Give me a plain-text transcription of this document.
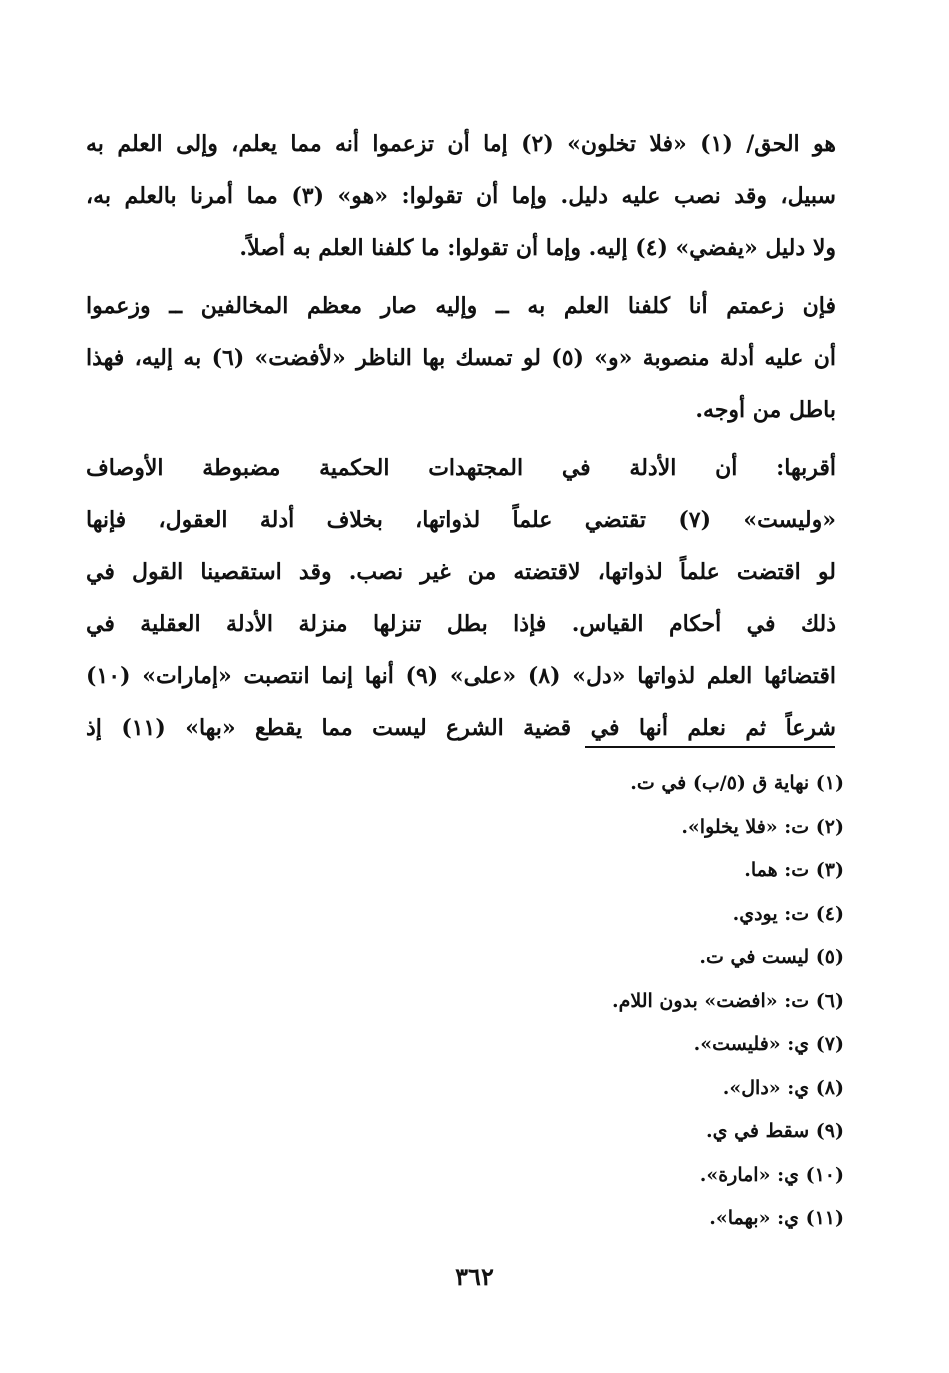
هو الحق/ (١) «فلا تخلون» (٢) إما أن تزعموا أنه مما يعلم، وإلى العلم به
سبيل، وقد نصب عليه دليل. وإما أن تقولوا: «هو» (٣) مما أمرنا بالعلم به،
ولا دليل «يفضي» (٤) إليه. وإما أن تقولوا: ما كلفنا العلم به أصلاً.

فإن زعمتم أنا كلفنا العلم به ــ وإليه صار معظم المخالفين ــ وزعموا
أن عليه أدلة منصوبة «و» (٥) لو تمسك بها الناظر «لأفضت» (٦) به إليه، فهذا
باطل من أوجه.

أقربها: أن الأدلة في المجتهدات الحكمية مضبوطة الأوصاف
«وليست» (٧) تقتضي علماً لذواتها، بخلاف أدلة العقول، فإنها
لو اقتضت علماً لذواتها، لاقتضته من غير نصب. وقد استقصينا القول في
ذلك في أحكام القياس. فإذا بطل تنزلها منزلة الأدلة العقلية في
اقتضائها العلم لذواتها «دل» (٨) «على» (٩) أنها إنما انتصبت «إمارات» (١٠)
شرعاً ثم نعلم أنها في قضية الشرع ليست مما يقطع «بها» (١١) إذ

(١) نهاية ق (٥/ب) في ت.
(٢) ت: «فلا يخلوا».
(٣) ت: هما.
(٤) ت: يودي.
(٥) ليست في ت.
(٦) ت: «افضت» بدون اللام.
(٧) ي: «فليست».
(٨) ي: «دال».
(٩) سقط في ي.
(١٠) ي: «امارة».
(١١) ي: «بهما».
٣٦٢
